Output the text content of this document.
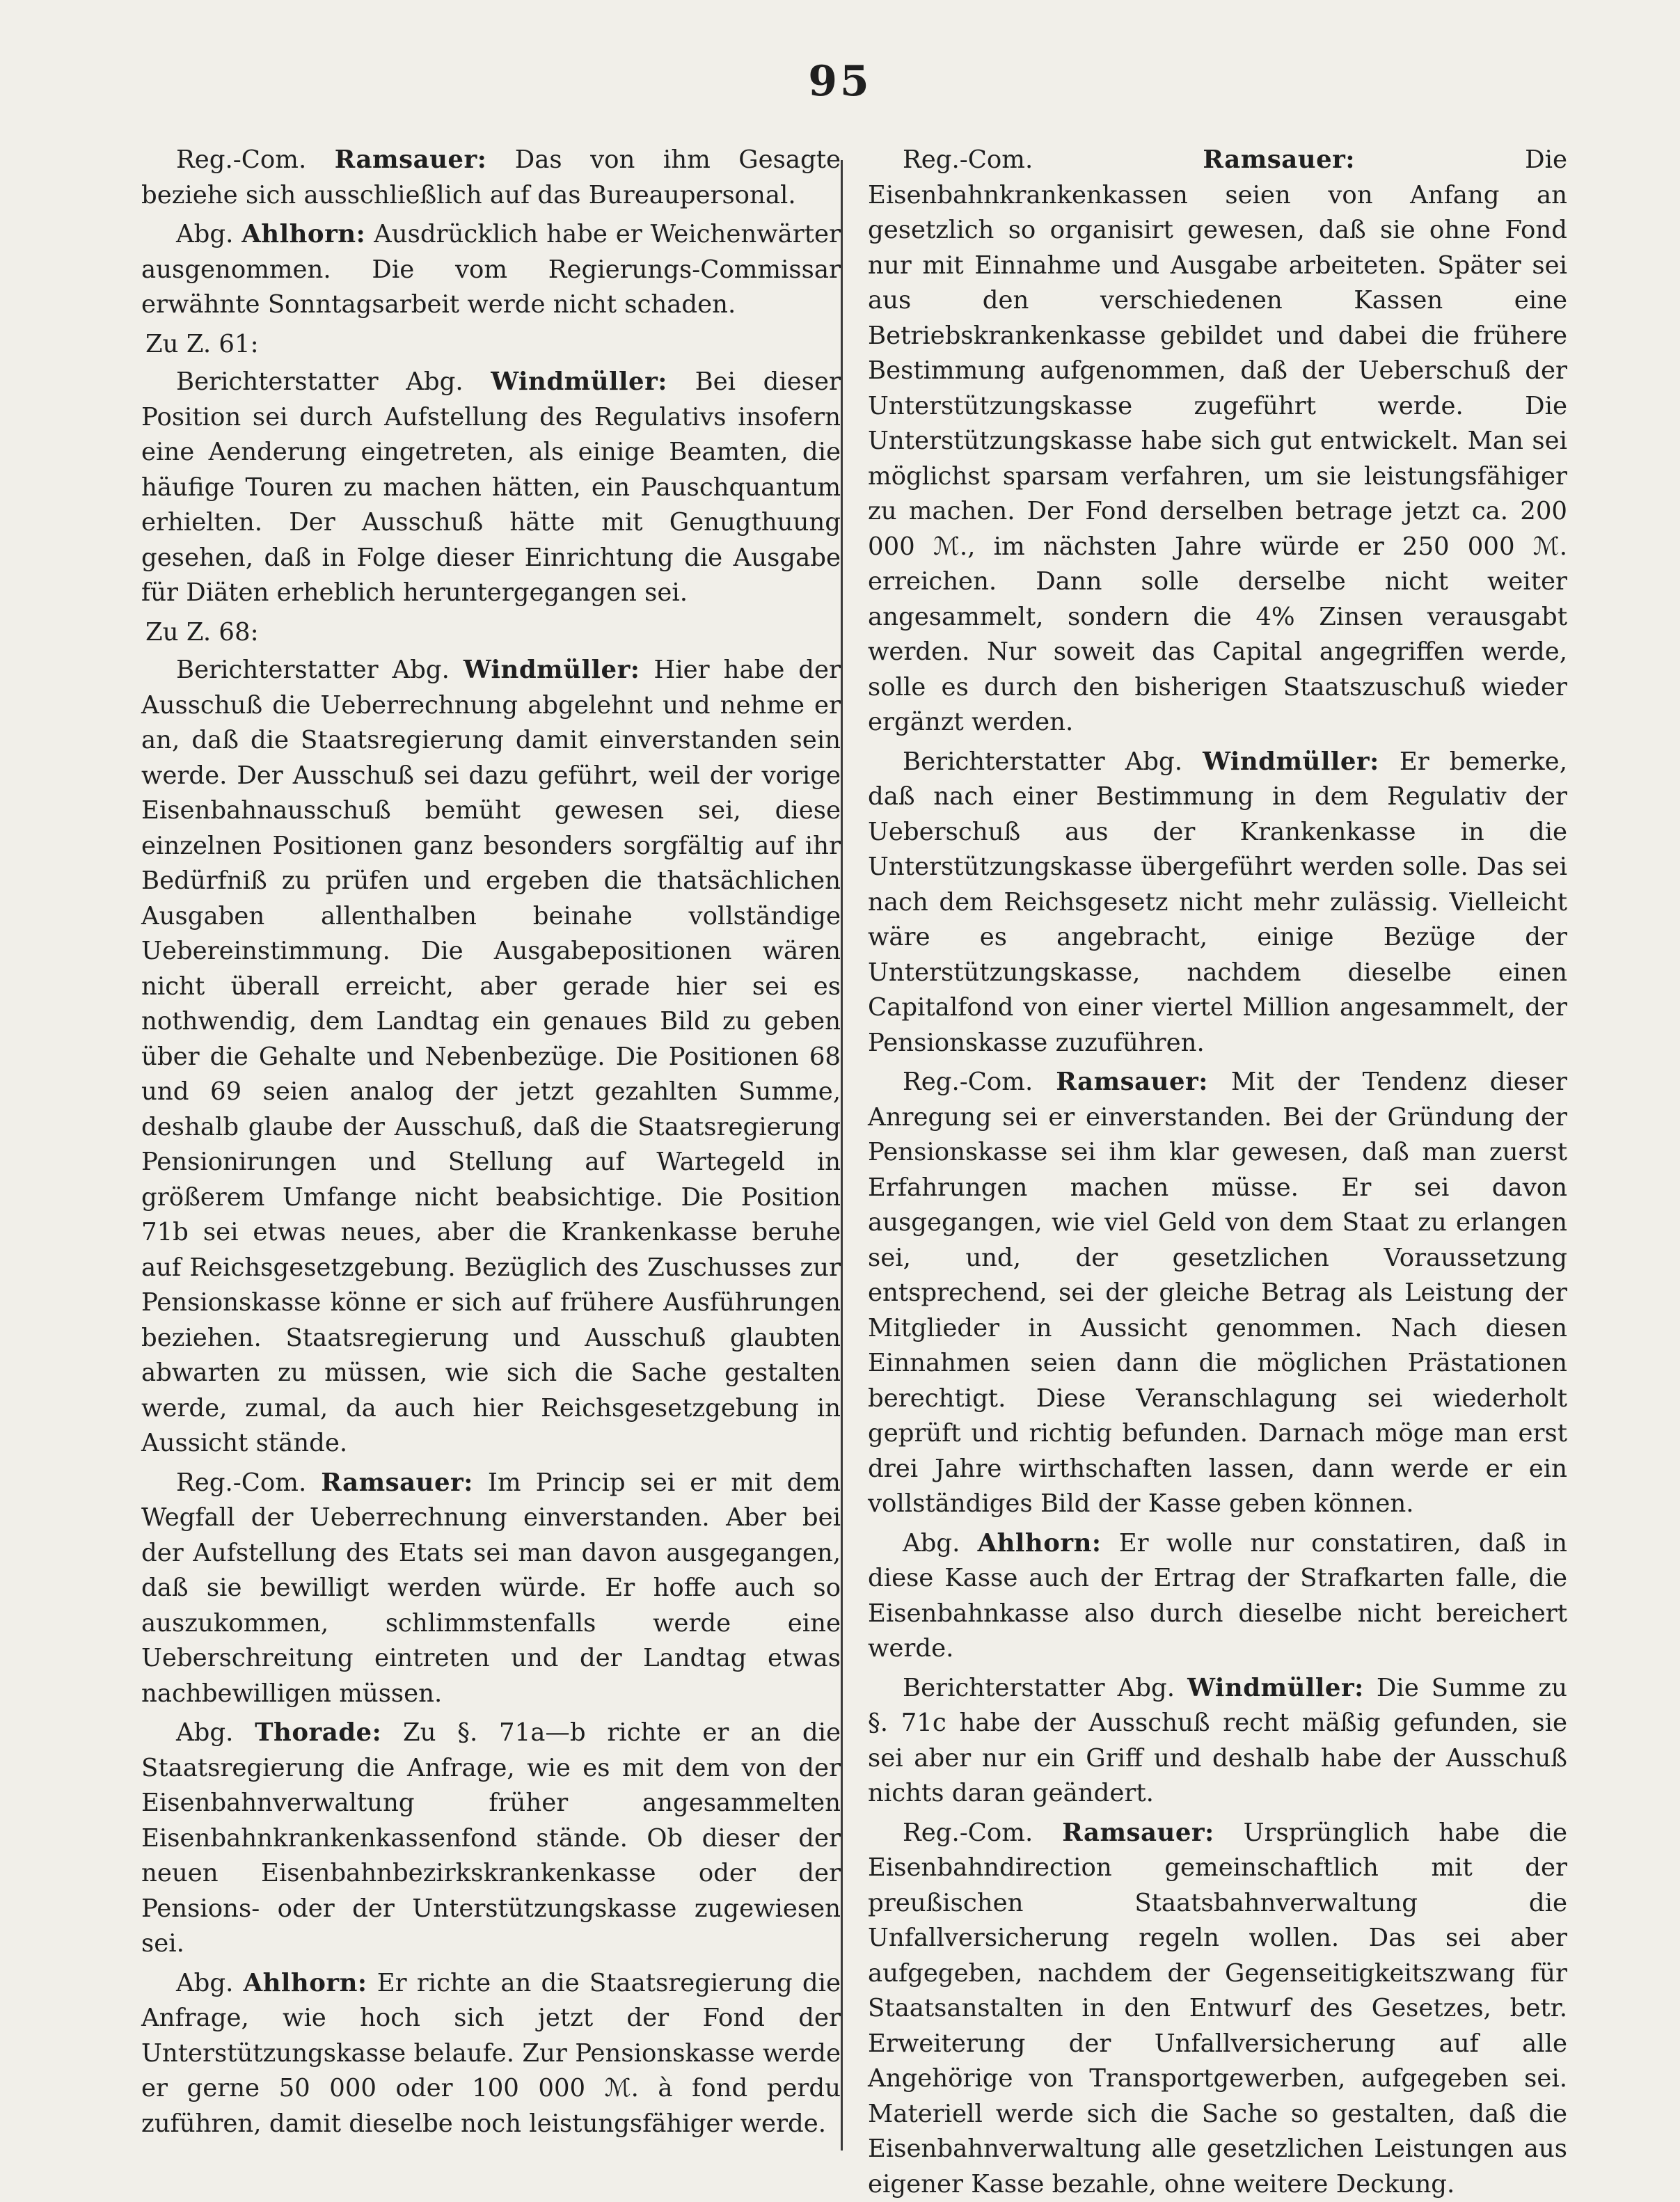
95

Reg.-Com. Ramsauer: Das von ihm Gesagte beziehe sich ausschließlich auf das Bureaupersonal.

Abg. Ahlhorn: Ausdrücklich habe er Weichenwärter ausgenommen. Die vom Regierungs-Commissar erwähnte Sonntagsarbeit werde nicht schaden.

Zu Z. 61:

Berichterstatter Abg. Windmüller: Bei dieser Position sei durch Aufstellung des Regulativs insofern eine Aenderung eingetreten, als einige Beamten, die häufige Touren zu machen hätten, ein Pauschquantum erhielten. Der Ausschuß hätte mit Genugthuung gesehen, daß in Folge dieser Einrichtung die Ausgabe für Diäten erheblich heruntergegangen sei.

Zu Z. 68:

Berichterstatter Abg. Windmüller: Hier habe der Ausschuß die Ueberrechnung abgelehnt und nehme er an, daß die Staatsregierung damit einverstanden sein werde. Der Ausschuß sei dazu geführt, weil der vorige Eisenbahnausschuß bemüht gewesen sei, diese einzelnen Positionen ganz besonders sorgfältig auf ihr Bedürfniß zu prüfen und ergeben die thatsächlichen Ausgaben allenthalben beinahe vollständige Uebereinstimmung. Die Ausgabepositionen wären nicht überall erreicht, aber gerade hier sei es nothwendig, dem Landtag ein genaues Bild zu geben über die Gehalte und Nebenbezüge. Die Positionen 68 und 69 seien analog der jetzt gezahlten Summe, deshalb glaube der Ausschuß, daß die Staatsregierung Pensionirungen und Stellung auf Wartegeld in größerem Umfange nicht beabsichtige. Die Position 71b sei etwas neues, aber die Krankenkasse beruhe auf Reichsgesetzgebung. Bezüglich des Zuschusses zur Pensionskasse könne er sich auf frühere Ausführungen beziehen. Staatsregierung und Ausschuß glaubten abwarten zu müssen, wie sich die Sache gestalten werde, zumal, da auch hier Reichsgesetzgebung in Aussicht stände.

Reg.-Com. Ramsauer: Im Princip sei er mit dem Wegfall der Ueberrechnung einverstanden. Aber bei der Aufstellung des Etats sei man davon ausgegangen, daß sie bewilligt werden würde. Er hoffe auch so auszukommen, schlimmstenfalls werde eine Ueberschreitung eintreten und der Landtag etwas nachbewilligen müssen.

Abg. Thorade: Zu §. 71a—b richte er an die Staatsregierung die Anfrage, wie es mit dem von der Eisenbahnverwaltung früher angesammelten Eisenbahnkrankenkassenfond stände. Ob dieser der neuen Eisenbahnbezirkskrankenkasse oder der Pensions- oder der Unterstützungskasse zugewiesen sei.

Abg. Ahlhorn: Er richte an die Staatsregierung die Anfrage, wie hoch sich jetzt der Fond der Unterstützungskasse belaufe. Zur Pensionskasse werde er gerne 50 000 oder 100 000 ℳ. à fond perdu zuführen, damit dieselbe noch leistungsfähiger werde.

Reg.-Com.	Ramsauer:	Die Eisenbahnkrankenkassen seien von Anfang an gesetzlich so organisirt gewesen, daß sie ohne Fond nur mit Einnahme und Ausgabe arbeiteten. Später sei aus den verschiedenen Kassen eine Betriebskrankenkasse gebildet und dabei die frühere Bestimmung aufgenommen, daß der Ueberschuß der Unterstützungskasse zugeführt werde. Die Unterstützungskasse habe sich gut entwickelt. Man sei möglichst sparsam verfahren, um sie leistungsfähiger zu machen. Der Fond derselben betrage jetzt ca. 200 000 ℳ., im nächsten Jahre würde er 250 000 ℳ. erreichen. Dann solle derselbe nicht weiter angesammelt, sondern die 4% Zinsen verausgabt werden. Nur soweit das Capital angegriffen werde, solle es durch den bisherigen Staatszuschuß wieder ergänzt werden.

Berichterstatter Abg. Windmüller: Er bemerke, daß nach einer Bestimmung in dem Regulativ der Ueberschuß aus der Krankenkasse in die Unterstützungskasse übergeführt werden solle. Das sei nach dem Reichsgesetz nicht mehr zulässig. Vielleicht wäre es angebracht, einige Bezüge der Unterstützungskasse, nachdem dieselbe einen Capitalfond von einer viertel Million angesammelt, der Pensionskasse zuzuführen.

Reg.-Com. Ramsauer: Mit der Tendenz dieser Anregung sei er einverstanden. Bei der Gründung der Pensionskasse sei ihm klar gewesen, daß man zuerst Erfahrungen machen müsse. Er sei davon ausgegangen, wie viel Geld von dem Staat zu erlangen sei, und, der gesetzlichen Voraussetzung entsprechend, sei der gleiche Betrag als Leistung der Mitglieder in Aussicht genommen. Nach diesen Einnahmen seien dann die möglichen Prästationen berechtigt. Diese Veranschlagung sei wiederholt geprüft und richtig befunden. Darnach möge man erst drei Jahre wirthschaften lassen, dann werde er ein vollständiges Bild der Kasse geben können.

Abg. Ahlhorn: Er wolle nur constatiren, daß in diese Kasse auch der Ertrag der Strafkarten falle, die Eisenbahnkasse also durch dieselbe nicht bereichert werde.

Berichterstatter Abg. Windmüller: Die Summe zu §. 71c habe der Ausschuß recht mäßig gefunden, sie sei aber nur ein Griff und deshalb habe der Ausschuß nichts daran geändert.

Reg.-Com. Ramsauer: Ursprünglich habe die Eisenbahndirection gemeinschaftlich mit der preußischen Staatsbahnverwaltung die Unfallversicherung regeln wollen. Das sei aber aufgegeben, nachdem der Gegenseitigkeitszwang für Staatsanstalten in den Entwurf des Gesetzes, betr. Erweiterung der Unfallversicherung auf alle Angehörige von Transportgewerben, aufgegeben sei. Materiell werde sich die Sache so gestalten, daß die Eisenbahnverwaltung alle gesetzlichen Leistungen aus eigener Kasse bezahle, ohne weitere Deckung.
